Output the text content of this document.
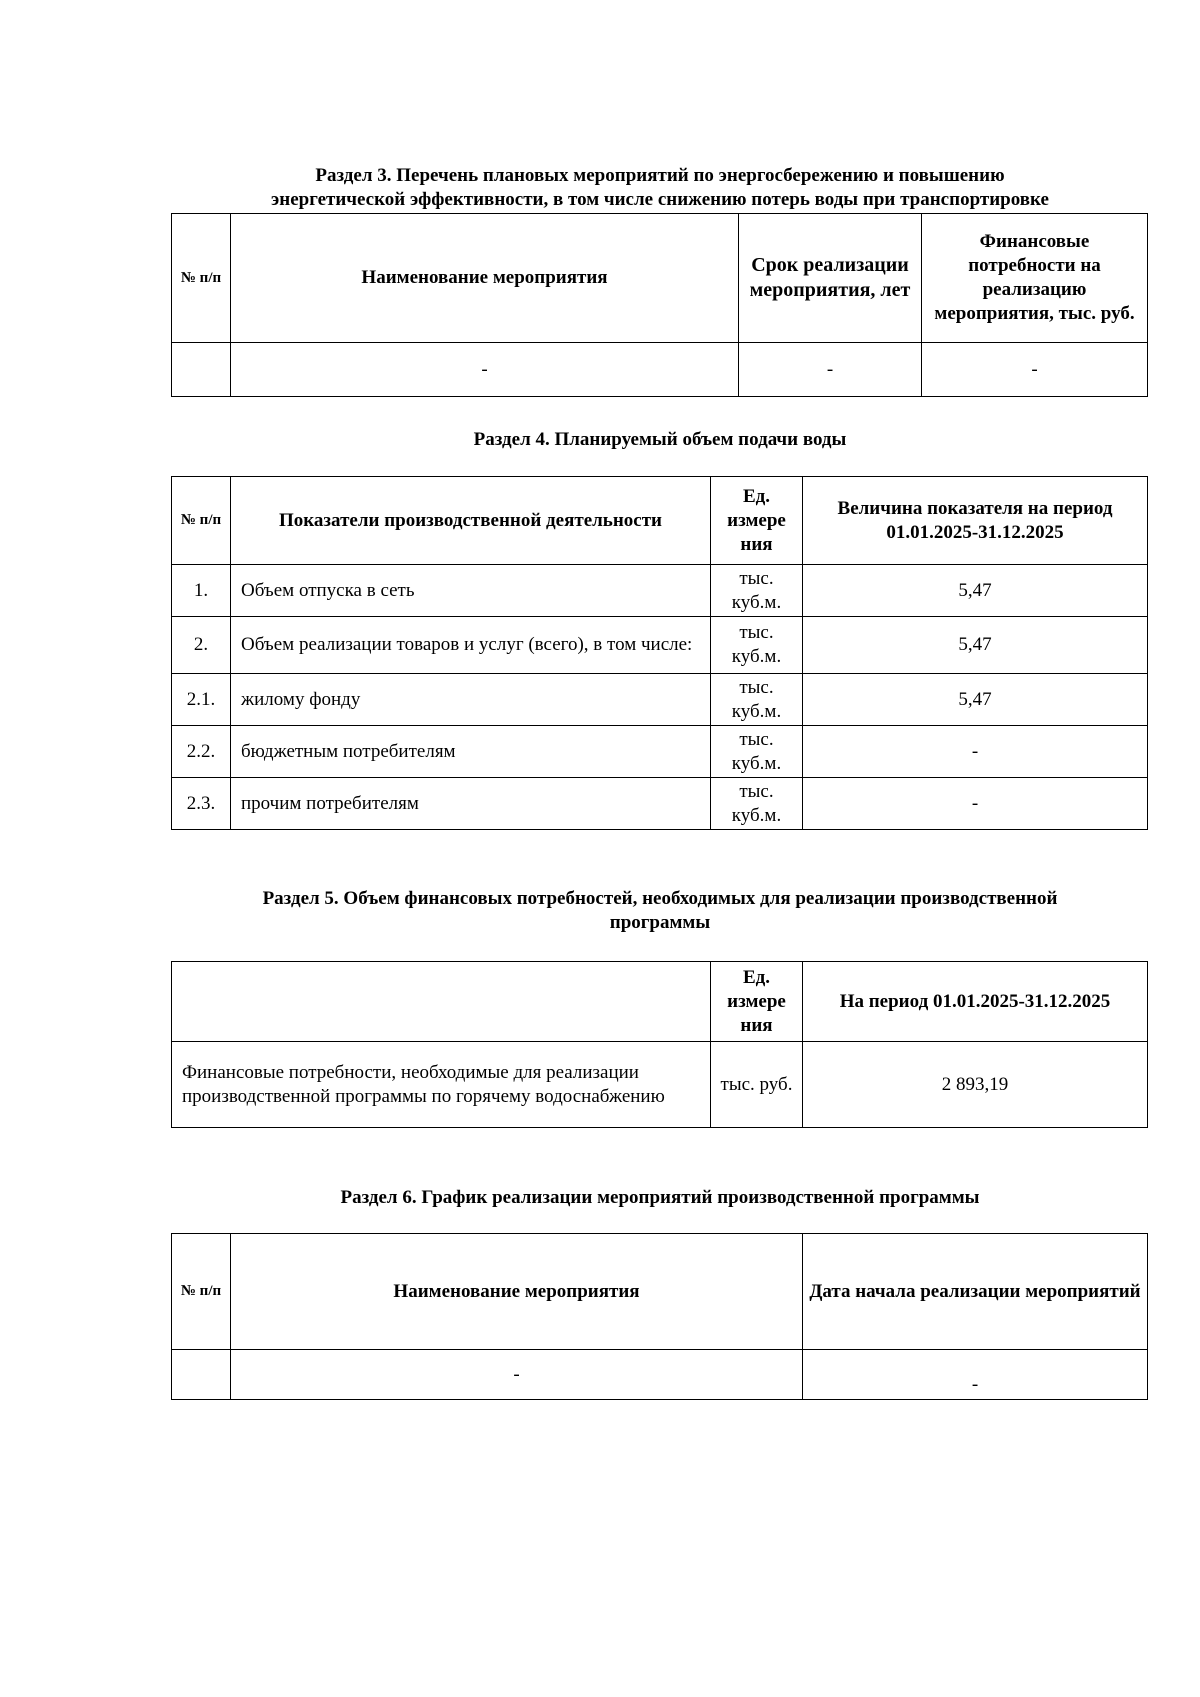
Раздел 3. Перечень плановых мероприятий по энергосбережению и повышению
энергетической эффективности, в том числе снижению потерь воды при транспортировке
№ п/п	Наименование мероприятия	Срок реализации мероприятия, лет	Финансовые потребности на реализацию мероприятия, тыс. руб.
	-	-	-
Раздел 4. Планируемый объем подачи воды
№ п/п	Показатели производственной деятельности	Ед. измере ния	Величина показателя на период 01.01.2025-31.12.2025
1.	Объем отпуска в сеть	тыс. куб.м.	5,47
2.	Объем реализации товаров и услуг (всего), в том числе:	тыс. куб.м.	5,47
2.1.	жилому фонду	тыс. куб.м.	5,47
2.2.	бюджетным потребителям	тыс. куб.м.	-
2.3.	прочим потребителям	тыс. куб.м.	-
Раздел 5. Объем финансовых потребностей, необходимых для реализации производственной
программы
	Ед. измере ния	На период 01.01.2025-31.12.2025
Финансовые потребности, необходимые для реализации производственной программы по горячему водоснабжению	тыс. руб.	2 893,19
Раздел 6. График реализации мероприятий производственной программы
№ п/п	Наименование мероприятия	Дата начала реализации мероприятий
	-	-
